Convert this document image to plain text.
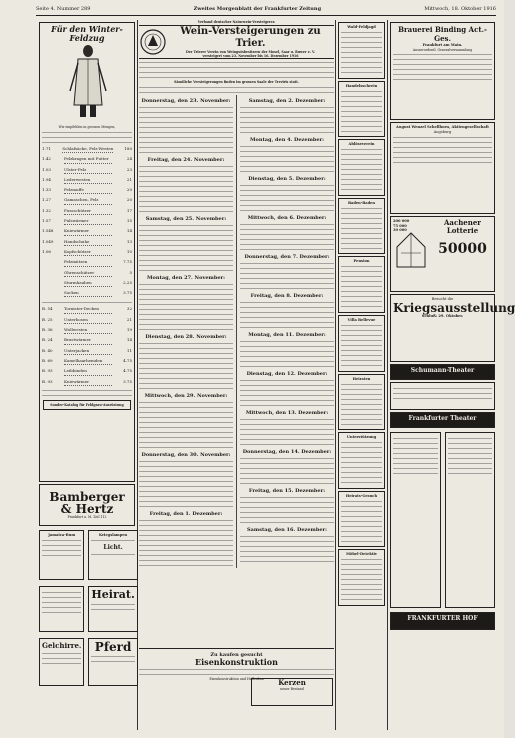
Seite 4. Nummer 289	Zweites Morgenblatt der Frankfurter Zeitung	Mittwoch, 18. Oktober 1916
Für den Winter-Feldzug
Wir empfehlen in grossen Mengen,
1.71	Schlafsäcke, Pelz-Westen	180
1.42	Pelzkragen mit Futter	24
1.03	Ulster-Pelz	23
1.94	Lederwesten	21
1.33	Pelzmuffe	20
1.27	Gamaschen, Pelz	20
1.32	Fussschützer	17
1.57	Pulswärmer	15
1.548	Kniewärmer	14
1.049	Handschuhe	13
1.06	Kopfschützer	10
Pelzmützen	7.75
Ohrenschützer	5
Sturmhauben	2.25
Socken	3.75
B. 54	Tornister-Decken	32
B. 25	Unterhosen	21
B. 36	Wollwesten	19
B. 24	Brustwärmer	14
B. 40	Unterjacken	11
B. 69	Kamelhaarhemden	4.75
B. 93	Leibbinden	4.75
B. 93	Kniewärmer	3.75
Sonder-Katalog für Feldgrau-Ausrüstung
Bamberger & Hertz
Frankfurt a. M. Zeil 112
Jamaica-Rum	Kriegslampen
Licht.
Heirat.
Gelchirre. Pferd
Verband deutscher Naturwein-Versteigerer.
Wein-Versteigerungen zu Trier.
Der Trierer Verein von Weingutsbesitzern der Mosel, Saar u. Ruwer e. V.
versteigert vom 23. November bis 16. Dezember 1916
Sämtliche Versteigerungen finden im grossen Saale der Treviris statt.
Donnerstag, den 23. November:
Freitag, den 24. November:
Samstag, den 25. November:
Montag, den 27. November:
Dienstag, den 28. November:
Mittwoch, den 29. November:
Donnerstag, den 30. November:
Freitag, den 1. Dezember:
Samstag, den 2. Dezember:
Montag, den 4. Dezember:
Dienstag, den 5. Dezember:
Mittwoch, den 6. Dezember:
Donnerstag, den 7. Dezember:
Freitag, den 8. Dezember:
Montag, den 11. Dezember:
Dienstag, den 12. Dezember:
Mittwoch, den 13. Dezember:
Donnerstag, den 14. Dezember:
Freitag, den 15. Dezember:
Samstag, den 16. Dezember:
Zu kaufen gesucht
Eisenkonstruktion
Eisenkonstruktion und Hallenbau	Kerzen
neuer Bestand
Wald-Feldjagd
Handelsschrein
Ablöseverein
Baden-Baden
Pension
Villa Bellevue
Heiraten
Unterstützung
Heirats-Gesuch
Möbel-Detektiv
Brauerei Binding Act.-Ges.
Frankfurt am Main.
Ausserordentl. Generalversammlung
August Wenzel Schellhorn, Aktiengesellschaft
Augsburg
200 000
75 000
30 000
Aachener Lotterie
50000
Besucht die
Kriegsausstellung
Schluß: 29. Oktober.
Schumann-Theater
Frankfurter Theater
FRANKFURTER HOF
